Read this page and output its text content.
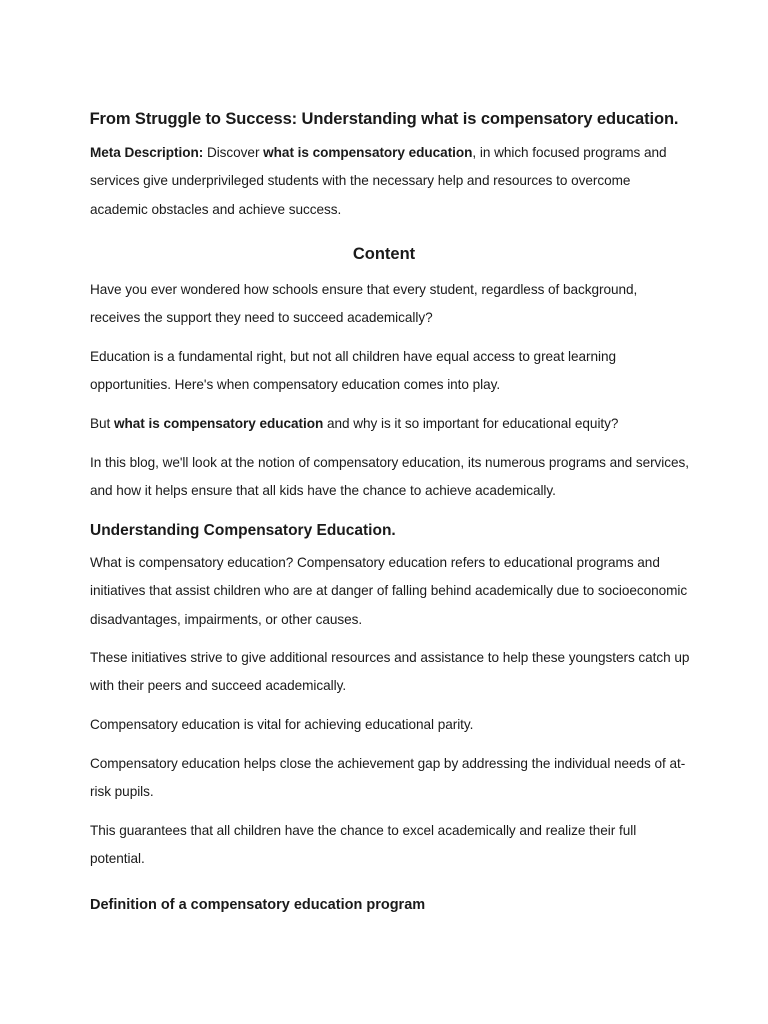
From Struggle to Success: Understanding what is compensatory education.

Meta Description: Discover what is compensatory education, in which focused programs and services give underprivileged students with the necessary help and resources to overcome academic obstacles and achieve success.

Content

Have you ever wondered how schools ensure that every student, regardless of background, receives the support they need to succeed academically?

Education is a fundamental right, but not all children have equal access to great learning opportunities. Here's when compensatory education comes into play.

But what is compensatory education and why is it so important for educational equity?

In this blog, we'll look at the notion of compensatory education, its numerous programs and services, and how it helps ensure that all kids have the chance to achieve academically.

Understanding Compensatory Education.

What is compensatory education? Compensatory education refers to educational programs and initiatives that assist children who are at danger of falling behind academically due to socioeconomic disadvantages, impairments, or other causes.

These initiatives strive to give additional resources and assistance to help these youngsters catch up with their peers and succeed academically.

Compensatory education is vital for achieving educational parity.

Compensatory education helps close the achievement gap by addressing the individual needs of at-risk pupils.

This guarantees that all children have the chance to excel academically and realize their full potential.

Definition of a compensatory education program
